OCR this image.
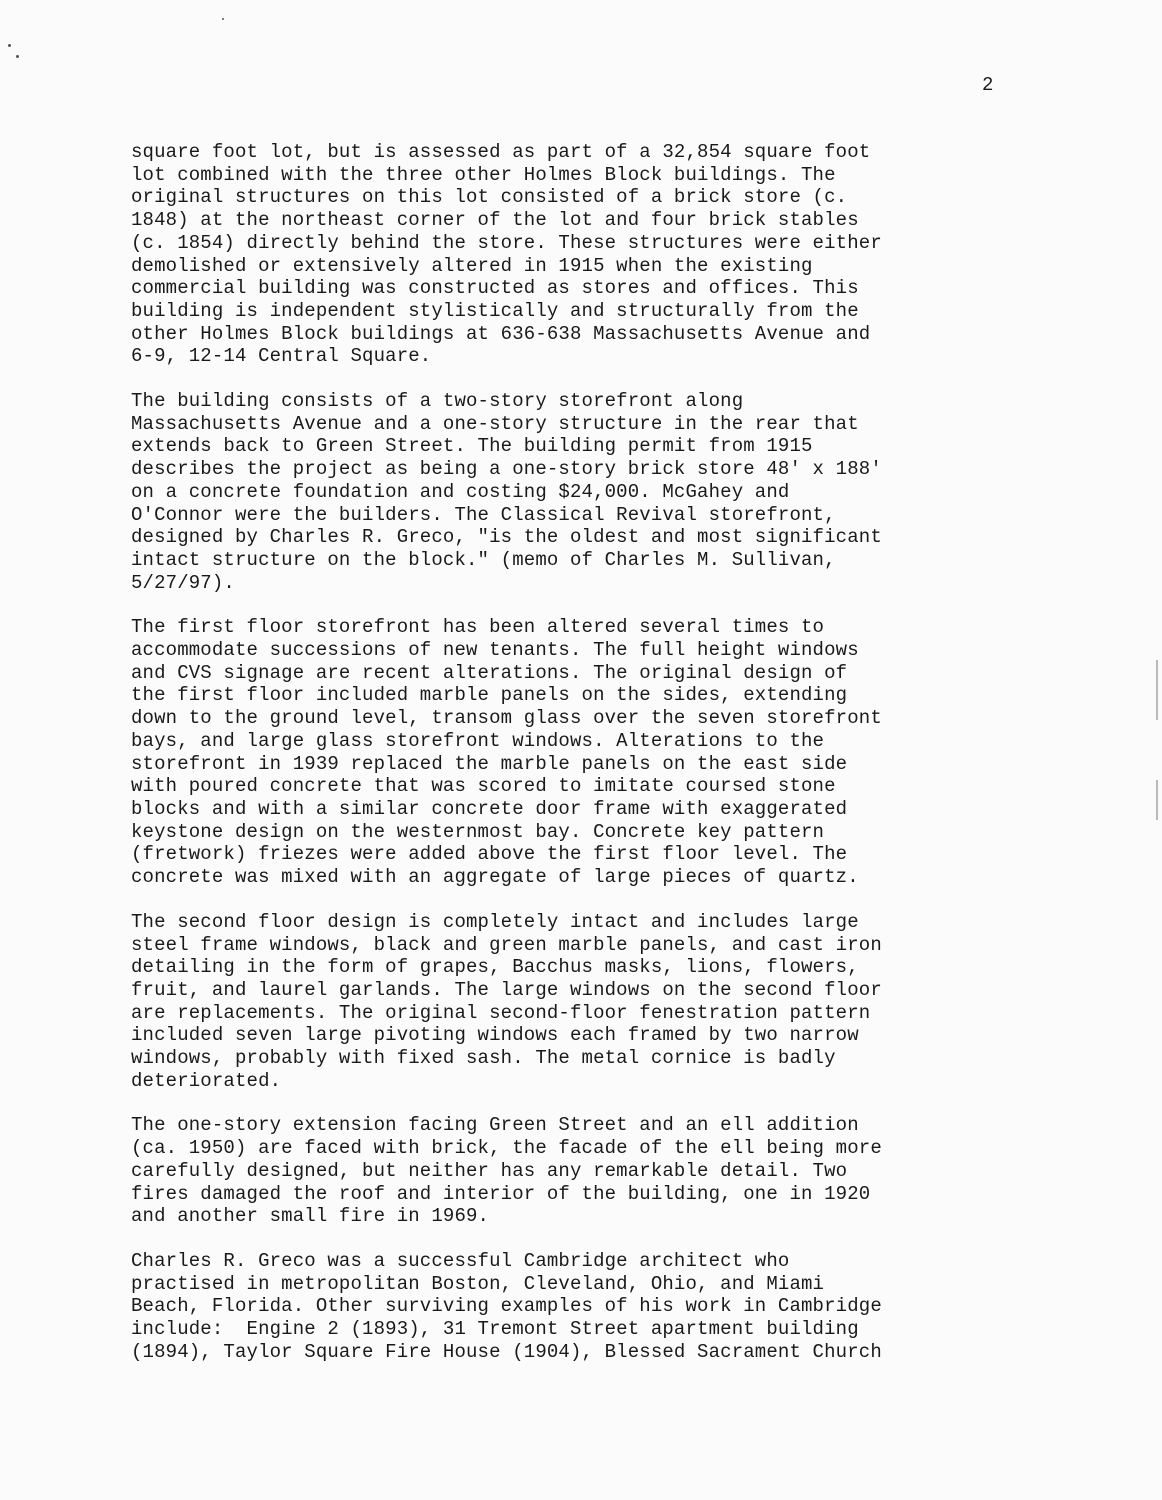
2

square foot lot, but is assessed as part of a 32,854 square foot
lot combined with the three other Holmes Block buildings. The
original structures on this lot consisted of a brick store (c.
1848) at the northeast corner of the lot and four brick stables
(c. 1854) directly behind the store. These structures were either
demolished or extensively altered in 1915 when the existing
commercial building was constructed as stores and offices. This
building is independent stylistically and structurally from the
other Holmes Block buildings at 636-638 Massachusetts Avenue and
6-9, 12-14 Central Square.

The building consists of a two-story storefront along
Massachusetts Avenue and a one-story structure in the rear that
extends back to Green Street. The building permit from 1915
describes the project as being a one-story brick store 48' x 188'
on a concrete foundation and costing $24,000. McGahey and
O'Connor were the builders. The Classical Revival storefront,
designed by Charles R. Greco, "is the oldest and most significant
intact structure on the block." (memo of Charles M. Sullivan,
5/27/97).

The first floor storefront has been altered several times to
accommodate successions of new tenants. The full height windows
and CVS signage are recent alterations. The original design of
the first floor included marble panels on the sides, extending
down to the ground level, transom glass over the seven storefront
bays, and large glass storefront windows. Alterations to the
storefront in 1939 replaced the marble panels on the east side
with poured concrete that was scored to imitate coursed stone
blocks and with a similar concrete door frame with exaggerated
keystone design on the westernmost bay. Concrete key pattern
(fretwork) friezes were added above the first floor level. The
concrete was mixed with an aggregate of large pieces of quartz.

The second floor design is completely intact and includes large
steel frame windows, black and green marble panels, and cast iron
detailing in the form of grapes, Bacchus masks, lions, flowers,
fruit, and laurel garlands. The large windows on the second floor
are replacements. The original second-floor fenestration pattern
included seven large pivoting windows each framed by two narrow
windows, probably with fixed sash. The metal cornice is badly
deteriorated.

The one-story extension facing Green Street and an ell addition
(ca. 1950) are faced with brick, the facade of the ell being more
carefully designed, but neither has any remarkable detail. Two
fires damaged the roof and interior of the building, one in 1920
and another small fire in 1969.

Charles R. Greco was a successful Cambridge architect who
practised in metropolitan Boston, Cleveland, Ohio, and Miami
Beach, Florida. Other surviving examples of his work in Cambridge
include:  Engine 2 (1893), 31 Tremont Street apartment building
(1894), Taylor Square Fire House (1904), Blessed Sacrament Church
